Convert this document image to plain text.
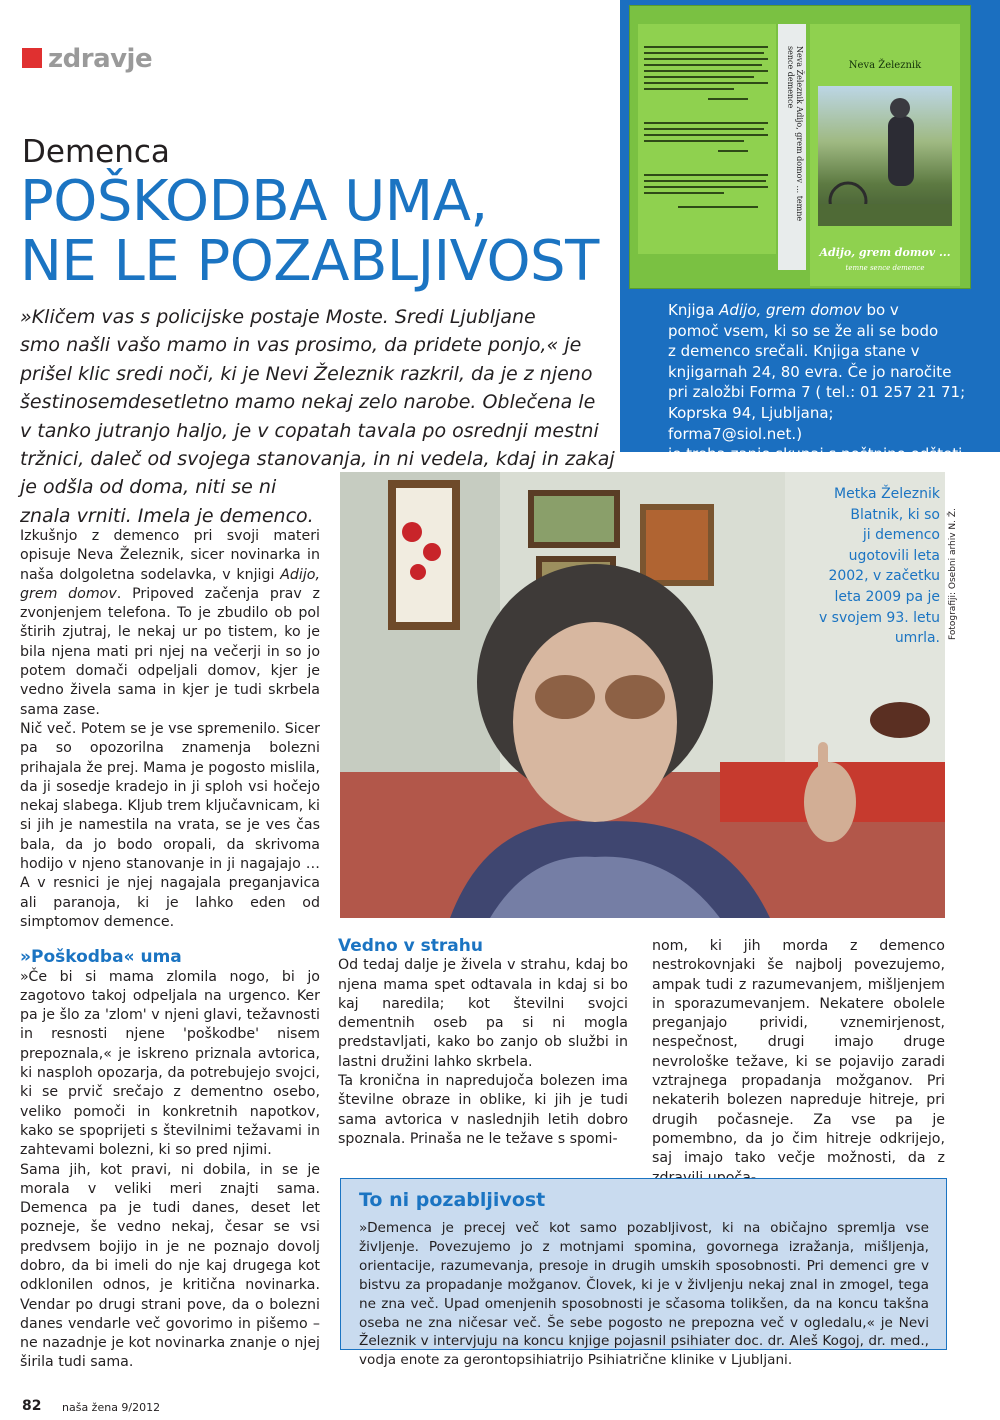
zdravje	Neva Železnik Adijo, grem domov ... temne sence demence	Neva Železnik
Adijo, grem domov ...
temne sence demence
Knjiga Adijo, grem domov bo v
pomoč vsem, ki so se že ali se bodo
z demenco srečali. Knjiga stane v
knjigarnah 24, 80 evra. Če jo naročite
pri založbi Forma 7 ( tel.: 01 257 21 71;
Koprska 94, Ljubljana; forma7@siol.net.)
je treba zanjo skupaj s poštnino odšteti
Demenca
POŠKODBA UMA,
NE LE POZABLJIVOST
»Kličem vas s policijske postaje Moste. Sredi Ljubljane
smo našli vašo mamo in vas prosimo, da pridete ponjo,« je
prišel klic sredi noči, ki je Nevi Železnik razkril, da je z njeno
šestinosemdesetletno mamo nekaj zelo narobe. Oblečena le
v tanko jutranjo haljo, je v copatah tavala po osrednji mestni
tržnici, daleč od svojega stanovanja, in ni vedela, kdaj in zakaj
je odšla od doma, niti se ni
znala vrniti. Imela je demenco.
Metka Železnik
Blatnik, ki so
ji demenco
ugotovili leta
2002, v začetku
leta 2009 pa je
v svojem 93. letu
umrla. Fotografiji: Osebni arhiv N. Ž.

Izkušnjo z demenco pri svoji materi opisuje Neva Železnik, sicer novinarka in naša dolgoletna sodelavka, v knjigi Adijo, grem domov. Pripoved začenja prav z zvonjenjem telefona. To je zbudilo ob pol štirih zjutraj, le nekaj ur po tistem, ko je bila njena mati pri njej na večerji in so jo potem domači odpeljali domov, kjer je vedno živela sama in kjer je tudi skrbela sama zase.

Nič več. Potem se je vse spremenilo. Sicer pa so opozorilna znamenja bolezni prihajala že prej. Mama je pogosto mislila, da ji sosedje kradejo in ji sploh vsi hočejo nekaj slabega. Kljub trem ključavnicam, ki si jih je namestila na vrata, se je ves čas bala, da jo bodo oropali, da skrivoma hodijo v njeno stanovanje in ji nagajajo … A v resnici je njej nagajala preganjavica ali paranoja, ki je lahko eden od simptomov demence.

»Poškodba« uma

»Če bi si mama zlomila nogo, bi jo zagotovo takoj odpeljala na urgenco. Ker pa je šlo za 'zlom' v njeni glavi, težavnosti in resnosti njene 'poškodbe' nisem prepoznala,« je iskreno priznala avtorica, ki nasploh opozarja, da potrebujejo svojci, ki se prvič srečajo z dementno osebo, veliko pomoči in konkretnih napotkov, kako se spoprijeti s številnimi težavami in zahtevami bolezni, ki so pred njimi.

Sama jih, kot pravi, ni dobila, in se je morala v veliki meri znajti sama. Demenca pa je tudi danes, deset let pozneje, še vedno nekaj, česar se vsi predvsem bojijo in je ne poznajo dovolj dobro, da bi imeli do nje kaj drugega kot odklonilen odnos, je kritična novinarka. Vendar po drugi strani pove, da o bolezni danes vendarle več govorimo in pišemo – ne nazadnje je kot novinarka znanje o njej širila tudi sama.

Vedno v strahu

Od tedaj dalje je živela v strahu, kdaj bo njena mama spet odtavala in kdaj si bo kaj naredila; kot številni svojci dementnih oseb pa si ni mogla predstavljati, kako bo zanjo ob službi in lastni družini lahko skrbela.

Ta kronična in napredujoča bolezen ima številne obraze in oblike, ki jih je tudi sama avtorica v naslednjih letih dobro spoznala. Prinaša ne le težave s spomi-

nom, ki jih morda z demenco nestrokovnjaki še najbolj povezujemo, ampak tudi z razumevanjem, mišljenjem in sporazumevanjem. Nekatere obolele preganjajo prividi, vznemirjenost, nespečnost, drugi imajo druge nevrološke težave, ki se pojavijo zaradi vztrajnega propadanja možganov. Pri nekaterih bolezen napreduje hitreje, pri drugih počasneje. Za vse pa je pomembno, da jo čim hitreje odkrijejo, saj imajo tako večje možnosti, da z

To ni pozabljivost
»Demenca je precej več kot samo pozabljivost, ki na običajno spremlja vse življenje. Povezujemo jo z motnjami spomina, govornega izražanja, mišljenja, orientacije, razumevanja, presoje in drugih umskih sposobnosti. Pri demenci gre v bistvu za propadanje možganov. Človek, ki je v življenju nekaj znal in zmogel, tega ne zna več. Upad omenjenih sposobnosti je sčasoma tolikšen, da na koncu takšna oseba ne zna ničesar več. Še sebe pogosto ne prepozna več v ogledalu,« je Nevi Železnik v intervjuju na koncu knjige pojasnil psihiater doc. dr. Aleš Kogoj, dr. med., vodja enote za gerontopsihiatrijo Psihiatrične klinike v Ljubljani.
82 naša žena 9/2012
